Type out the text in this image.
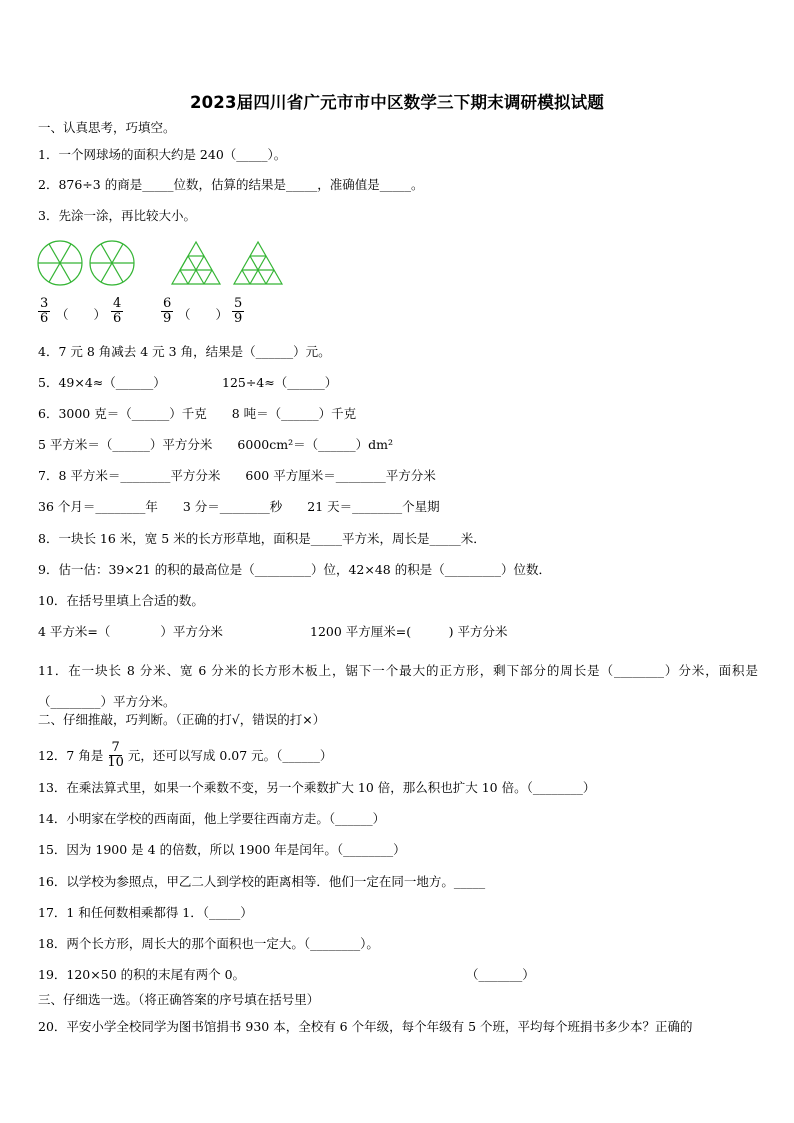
2023届四川省广元市市中区数学三下期末调研模拟试题
一、认真思考，巧填空。
1．一个网球场的面积大约是 240（_____）。
2．876÷3 的商是_____位数，估算的结果是_____，准确值是_____。
3．先涂一涂，再比较大小。
$\frac{3}{6}$ （　　） $\frac{4}{6}$	$\frac{6}{9}$ （　　） $\frac{5}{9}$
4．7 元 8 角减去 4 元 3 角，结果是（______）元。
5．49×4≈（______）	125÷4≈（______）
6．3000 克＝（______）千克　　8 吨＝（______）千克
5 平方米＝（______）平方分米　　6000cm²＝（______）dm²
7．8 平方米＝________平方分米　　600 平方厘米＝________平方分米
36 个月＝________年　　3 分＝________秒　　21 天＝________个星期
8．一块长 16 米，宽 5 米的长方形草地，面积是_____平方米，周长是_____米．
9．估一估：39×21 的积的最高位是（_________）位，42×48 的积是（_________）位数．
10．在括号里填上合适的数。
4 平方米=（　　　　）平方分米	1200 平方厘米=(　　　) 平方分米
11．在一块长 8 分米、宽 6 分米的长方形木板上，锯下一个最大的正方形，剩下部分的周长是（________）分米，面积是（________）平方分米。
二、仔细推敲，巧判断。（正确的打√，错误的打×）
12．7 角是 $\frac{7}{10}$ 元，还可以写成 0.07 元。（______）
13．在乘法算式里，如果一个乘数不变，另一个乘数扩大 10 倍，那么积也扩大 10 倍。（________）
14．小明家在学校的西南面，他上学要往西南方走。（______）
15．因为 1900 是 4 的倍数，所以 1900 年是闰年。（________）
16．以学校为参照点，甲乙二人到学校的距离相等．他们一定在同一地方。_____
17．1 和任何数相乘都得 1．（_____）
18．两个长方形，周长大的那个面积也一定大。（________）。
19．120×50 的积的末尾有两个 0。	（_______）
三、仔细选一选。（将正确答案的序号填在括号里）
20．平安小学全校同学为图书馆捐书 930 本，全校有 6 个年级，每个年级有 5 个班，平均每个班捐书多少本？正确的
